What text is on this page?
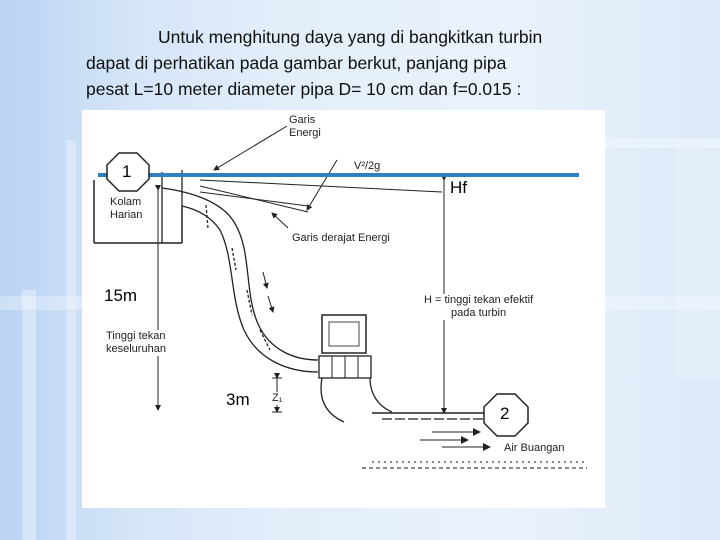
Untuk menghitung daya yang di bangkitkan turbin
dapat di perhatikan pada gambar berkut, panjang pipa
pesat L=10 meter diameter pipa D= 10 cm dan f=0.015 :
1
2
Hf
15m
3m
Garis
Energi
V²/2g
Kolam
Harian
Garis derajat Energi
H = tinggi tekan efektif
pada turbin
Tinggi tekan
keseluruhan
Z₁
Air Buangan
